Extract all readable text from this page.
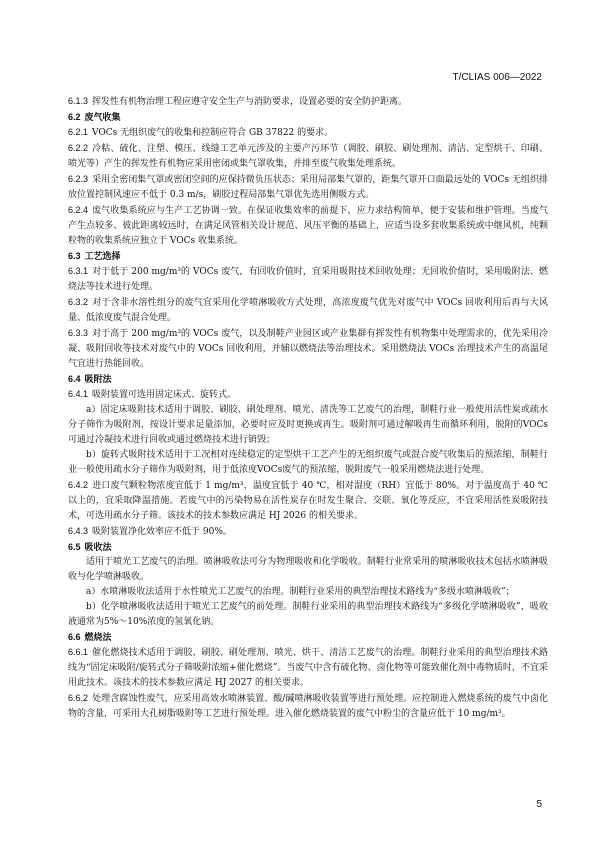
T/CLIAS 006—2022

6.1.3 挥发性有机物治理工程应遵守安全生产与消防要求，设置必要的安全防护距离。

6.2 废气收集

6.2.1 VOCs 无组织废气的收集和控制应符合 GB 37822 的要求。

6.2.2 冷粘、硫化、注塑、模压、线缝工艺单元涉及的主要产污环节（调胶、刷胶、刷处理剂、清洁、定型烘干、印刷、喷光等）产生的挥发性有机物应采用密闭或集气罩收集，并排至废气收集处理系统。

6.2.3 采用全密闭集气罩或密闭空间的应保持微负压状态；采用局部集气罩的，距集气罩开口面最远处的 VOCs 无组织排放位置控制风速应不低于 0.3 m/s，刷胶过程局部集气罩优先选用侧吸方式。

6.2.4 废气收集系统应与生产工艺协调一致。在保证收集效率的前提下，应力求结构简单，便于安装和维护管理。当废气产生点较多、彼此距离较远时，在满足风管相关设计规范、风压平衡的基础上，应适当设多套收集系统或中继风机，纯颗粒物的收集系统应独立于 VOCs 收集系统。

6.3 工艺选择

6.3.1 对于低于 200 mg/m³的 VOCs 废气，有回收价值时，宜采用吸附技术回收处理；无回收价值时，采用吸附法、燃烧法等技术进行处理。

6.3.2 对于含非水溶性组分的废气宜采用化学喷淋吸收方式处理，高浓度废气优先对废气中 VOCs 回收利用后再与大风量、低浓度废气混合处理。

6.3.3 对于高于 200 mg/m³的 VOCs 废气，以及制鞋产业园区或产业集群有挥发性有机物集中处理需求的，优先采用冷凝、吸附回收等技术对废气中的 VOCs 回收利用，并辅以燃烧法等治理技术。采用燃烧法 VOCs 治理技术产生的高温尾气宜进行热能回收。

6.4 吸附法

6.4.1 吸附装置可选用固定床式、旋转式。

a）固定床吸附技术适用于调胶、刷胶、刷处理剂、喷光、清洗等工艺废气的治理，制鞋行业一般使用活性炭或疏水分子筛作为吸附剂，按设计要求足量添加，必要时应及时更换或再生。吸附剂可通过解吸再生而循环利用，脱附的VOCs可通过冷凝技术进行回收或通过燃烧技术进行销毁；

b）旋转式吸附技术适用于工况相对连续稳定的定型烘干工艺产生的无组织废气或混合废气收集后的预浓缩，制鞋行业一般使用疏水分子筛作为吸附剂，用于低浓度VOCs废气的预浓缩，脱附废气一般采用燃烧法进行处理。

6.4.2 进口废气颗粒物浓度宜低于 1 mg/m³，温度宜低于 40 ℃，相对湿度（RH）宜低于 80%。对于温度高于 40 ℃以上的，宜采取降温措施。若废气中的污染物易在活性炭存在时发生聚合、交联、氧化等反应，不宜采用活性炭吸附技术，可选用疏水分子筛。该技术的技术参数应满足 HJ 2026 的相关要求。

6.4.3 吸附装置净化效率应不低于 90%。

6.5 吸收法

适用于喷光工艺废气的治理。喷淋吸收法可分为物理吸收和化学吸收。制鞋行业常采用的喷淋吸收技术包括水喷淋吸收与化学喷淋吸收。

a）水喷淋吸收法适用于水性喷光工艺废气的治理。制鞋行业采用的典型治理技术路线为“多级水喷淋吸收”；

b）化学喷淋吸收法适用于喷光工艺废气的前处理。制鞋行业采用的典型治理技术路线为“多级化学喷淋吸收”，吸收液通常为5%～10%浓度的氢氧化钠。

6.6 燃烧法

6.6.1 催化燃烧技术适用于调胶、刷胶、刷处理剂、喷光、烘干、清洁工艺废气的治理。制鞋行业采用的典型治理技术路线为“固定床吸附/旋转式分子筛吸附浓缩+催化燃烧”。当废气中含有硫化物、卤化物等可能致催化剂中毒物质时，不宜采用此技术。该技术的技术参数应满足 HJ 2027 的相关要求。

6.6.2 处理含腐蚀性废气，应采用高效水喷淋装置、酸/碱喷淋吸收装置等进行预处理。应控制进入燃烧系统的废气中卤化物的含量，可采用大孔树脂吸附等工艺进行预处理。进入催化燃烧装置的废气中粉尘的含量应低于 10 mg/m³。

5
